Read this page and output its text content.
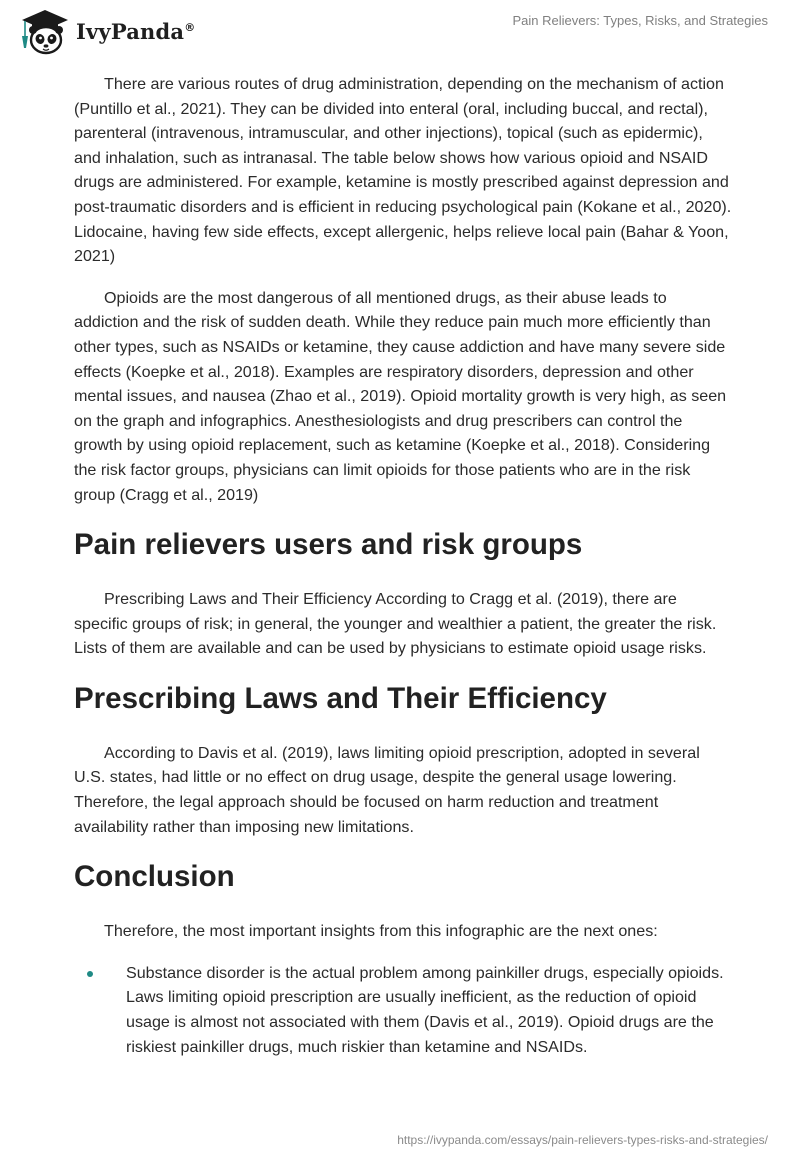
IvyPanda®	Pain Relievers: Types, Risks, and Strategies

There are various routes of drug administration, depending on the mechanism of action (Puntillo et al., 2021). They can be divided into enteral (oral, including buccal, and rectal), parenteral (intravenous, intramuscular, and other injections), topical (such as epidermic), and inhalation, such as intranasal. The table below shows how various opioid and NSAID drugs are administered. For example, ketamine is mostly prescribed against depression and post-traumatic disorders and is efficient in reducing psychological pain (Kokane et al., 2020). Lidocaine, having few side effects, except allergenic, helps relieve local pain (Bahar & Yoon, 2021)

Opioids are the most dangerous of all mentioned drugs, as their abuse leads to addiction and the risk of sudden death. While they reduce pain much more efficiently than other types, such as NSAIDs or ketamine, they cause addiction and have many severe side effects (Koepke et al., 2018). Examples are respiratory disorders, depression and other mental issues, and nausea (Zhao et al., 2019). Opioid mortality growth is very high, as seen on the graph and infographics. Anesthesiologists and drug prescribers can control the growth by using opioid replacement, such as ketamine (Koepke et al., 2018). Considering the risk factor groups, physicians can limit opioids for those patients who are in the risk group (Cragg et al., 2019)

Pain relievers users and risk groups

Prescribing Laws and Their Efficiency According to Cragg et al. (2019), there are specific groups of risk; in general, the younger and wealthier a patient, the greater the risk. Lists of them are available and can be used by physicians to estimate opioid usage risks.

Prescribing Laws and Their Efficiency

According to Davis et al. (2019), laws limiting opioid prescription, adopted in several U.S. states, had little or no effect on drug usage, despite the general usage lowering. Therefore, the legal approach should be focused on harm reduction and treatment availability rather than imposing new limitations.

Conclusion

Therefore, the most important insights from this infographic are the next ones:

Substance disorder is the actual problem among painkiller drugs, especially opioids. Laws limiting opioid prescription are usually inefficient, as the reduction of opioid usage is almost not associated with them (Davis et al., 2019). Opioid drugs are the riskiest painkiller drugs, much riskier than ketamine and NSAIDs.
https://ivypanda.com/essays/pain-relievers-types-risks-and-strategies/
